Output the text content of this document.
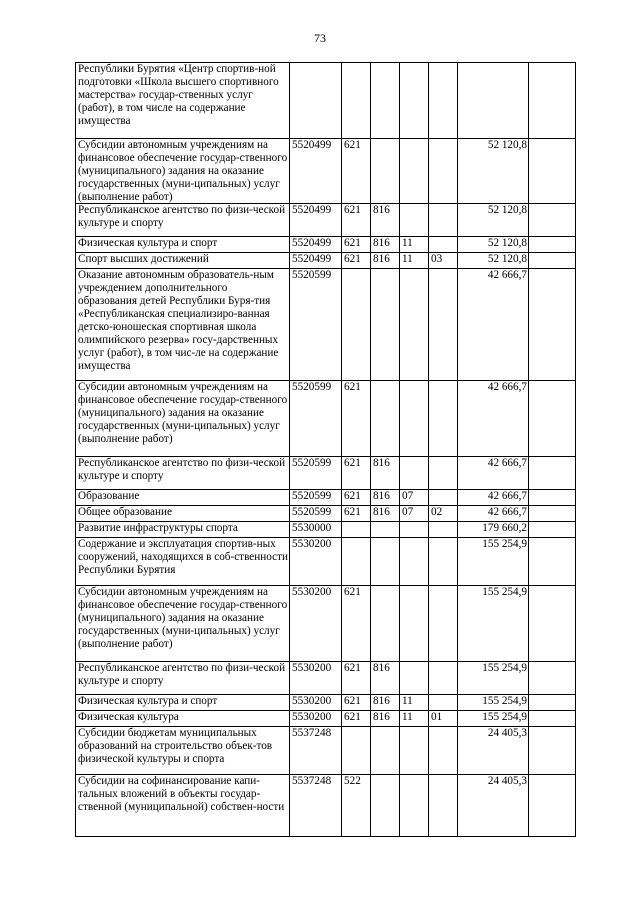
73
Республики Бурятия «Центр спортив-ной подготовки «Школа высшего спортивного мастерства» государ-ственных услуг (работ), в том числе на содержание имущества							
Субсидии автономным учреждениям на финансовое обеспечение государ-ственного (муниципального) задания на оказание государственных (муни-ципальных) услуг (выполнение работ)	5520499	621				52 120,8	
Республиканское агентство по физи-ческой культуре и спорту	5520499	621	816			52 120,8	
Физическая культура и спорт	5520499	621	816	11		52 120,8	
Спорт высших достижений	5520499	621	816	11	03	52 120,8	
Оказание автономным образователь-ным учреждением дополнительного образования детей Республики Буря-тия «Республиканская специализиро-ванная детско-юношеская спортивная школа олимпийского резерва» госу-дарственных услуг (работ), в том чис-ле на содержание имущества	5520599					42 666,7	
Субсидии автономным учреждениям на финансовое обеспечение государ-ственного (муниципального) задания на оказание государственных (муни-ципальных) услуг (выполнение работ)	5520599	621				42 666,7	
Республиканское агентство по физи-ческой культуре и спорту	5520599	621	816			42 666,7	
Образование	5520599	621	816	07		42 666,7	
Общее образование	5520599	621	816	07	02	42 666,7	
Развитие инфраструктуры спорта	5530000					179 660,2	
Содержание и эксплуатация спортив-ных сооружений, находящихся в соб-ственности Республики Бурятия	5530200					155 254,9	
Субсидии автономным учреждениям на финансовое обеспечение государ-ственного (муниципального) задания на оказание государственных (муни-ципальных) услуг (выполнение работ)	5530200	621				155 254,9	
Республиканское агентство по физи-ческой культуре и спорту	5530200	621	816			155 254,9	
Физическая культура и спорт	5530200	621	816	11		155 254,9	
Физическая культура	5530200	621	816	11	01	155 254,9	
Субсидии бюджетам муниципальных образований на строительство объек-тов физической культуры и спорта	5537248					24 405,3	
Субсидии на софинансирование капи-тальных вложений в объекты государ-ственной (муниципальной) собствен-ности	5537248	522				24 405,3	
